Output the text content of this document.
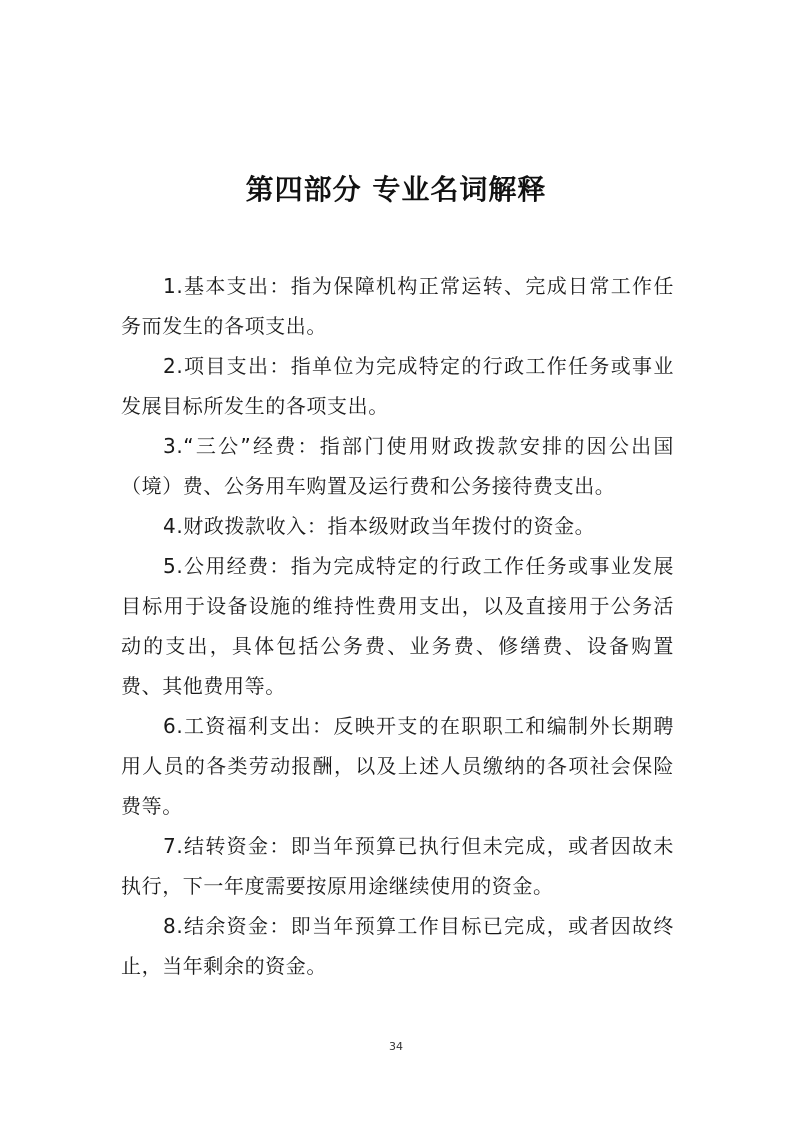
第四部分 专业名词解释

1.基本支出：指为保障机构正常运转、完成日常工作任务而发生的各项支出。

2.项目支出：指单位为完成特定的行政工作任务或事业发展目标所发生的各项支出。

3.“三公”经费：指部门使用财政拨款安排的因公出国（境）费、公务用车购置及运行费和公务接待费支出。

4.财政拨款收入：指本级财政当年拨付的资金。

5.公用经费：指为完成特定的行政工作任务或事业发展目标用于设备设施的维持性费用支出，以及直接用于公务活动的支出，具体包括公务费、业务费、修缮费、设备购置费、其他费用等。

6.工资福利支出：反映开支的在职职工和编制外长期聘用人员的各类劳动报酬，以及上述人员缴纳的各项社会保险费等。

7.结转资金：即当年预算已执行但未完成，或者因故未执行，下一年度需要按原用途继续使用的资金。

8.结余资金：即当年预算工作目标已完成，或者因故终止，当年剩余的资金。

34
